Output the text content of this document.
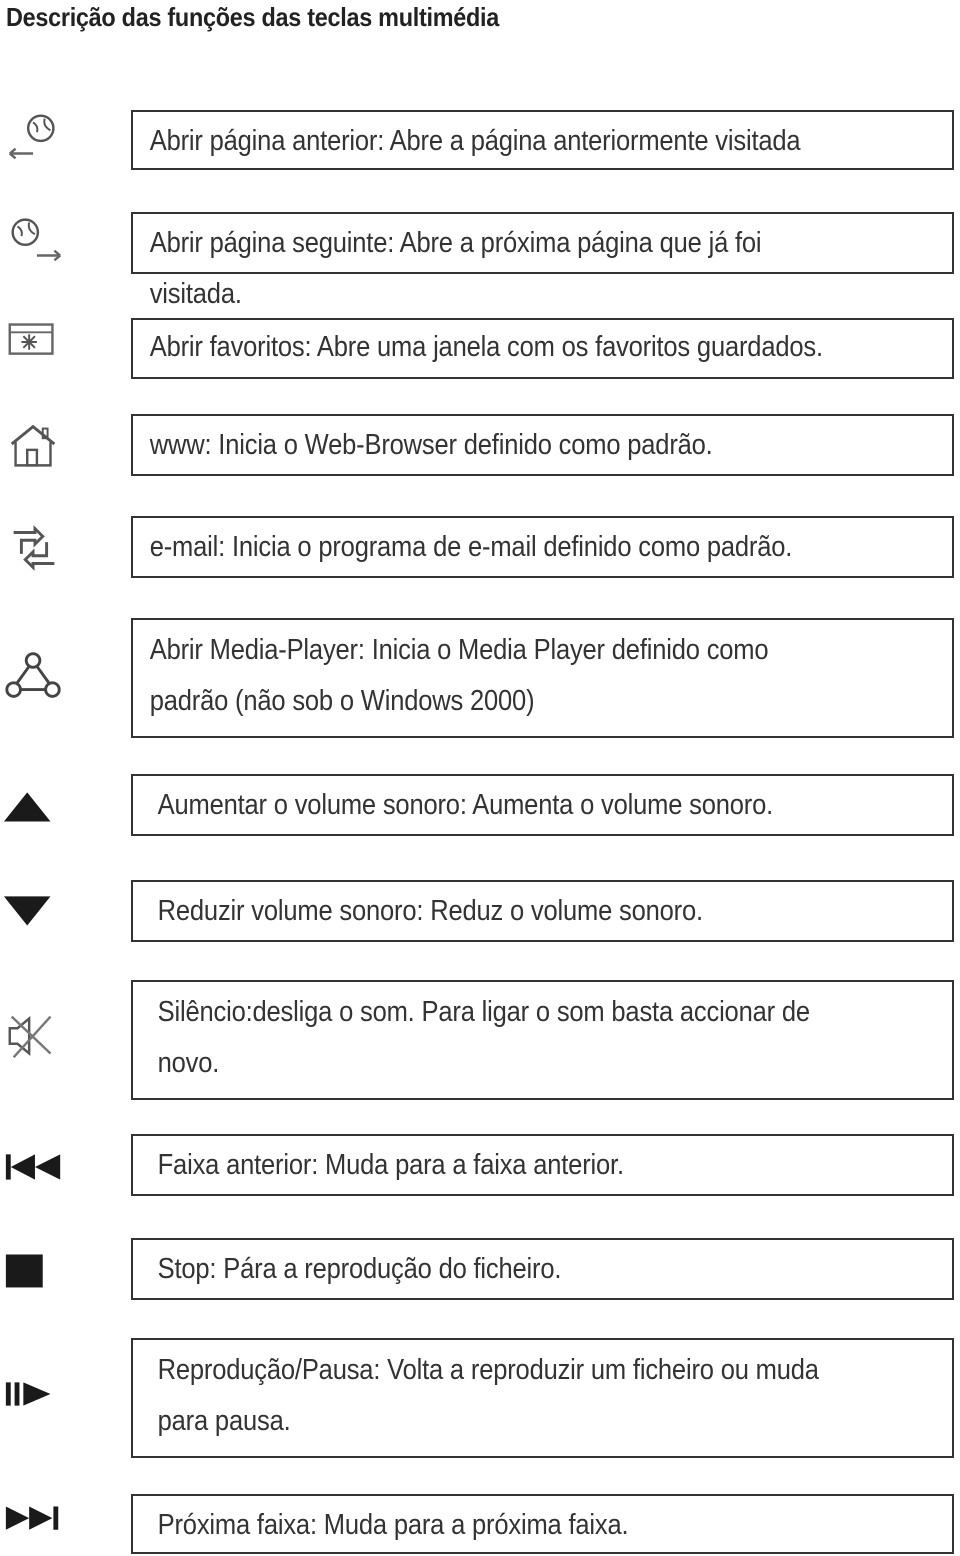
Descrição das funções das teclas multimédia
Abrir página anterior: Abre a página anteriormente visitada
Abrir página seguinte: Abre a próxima página que já foi visitada.
Abrir favoritos: Abre uma janela com os favoritos guardados.
www: Inicia o Web-Browser definido como padrão.
e-mail: Inicia o programa de e-mail definido como padrão.
Abrir Media-Player: Inicia o Media Player definido como
padrão (não sob o Windows 2000)
Aumentar o volume sonoro: Aumenta o volume sonoro.
Reduzir volume sonoro: Reduz o volume sonoro.
Silêncio:desliga o som. Para ligar o som basta accionar de
novo.
Faixa anterior: Muda para a faixa anterior.
Stop: Pára a reprodução do ficheiro.
Reprodução/Pausa: Volta a reproduzir um ficheiro ou muda
para pausa.
Próxima faixa: Muda para a próxima faixa.
